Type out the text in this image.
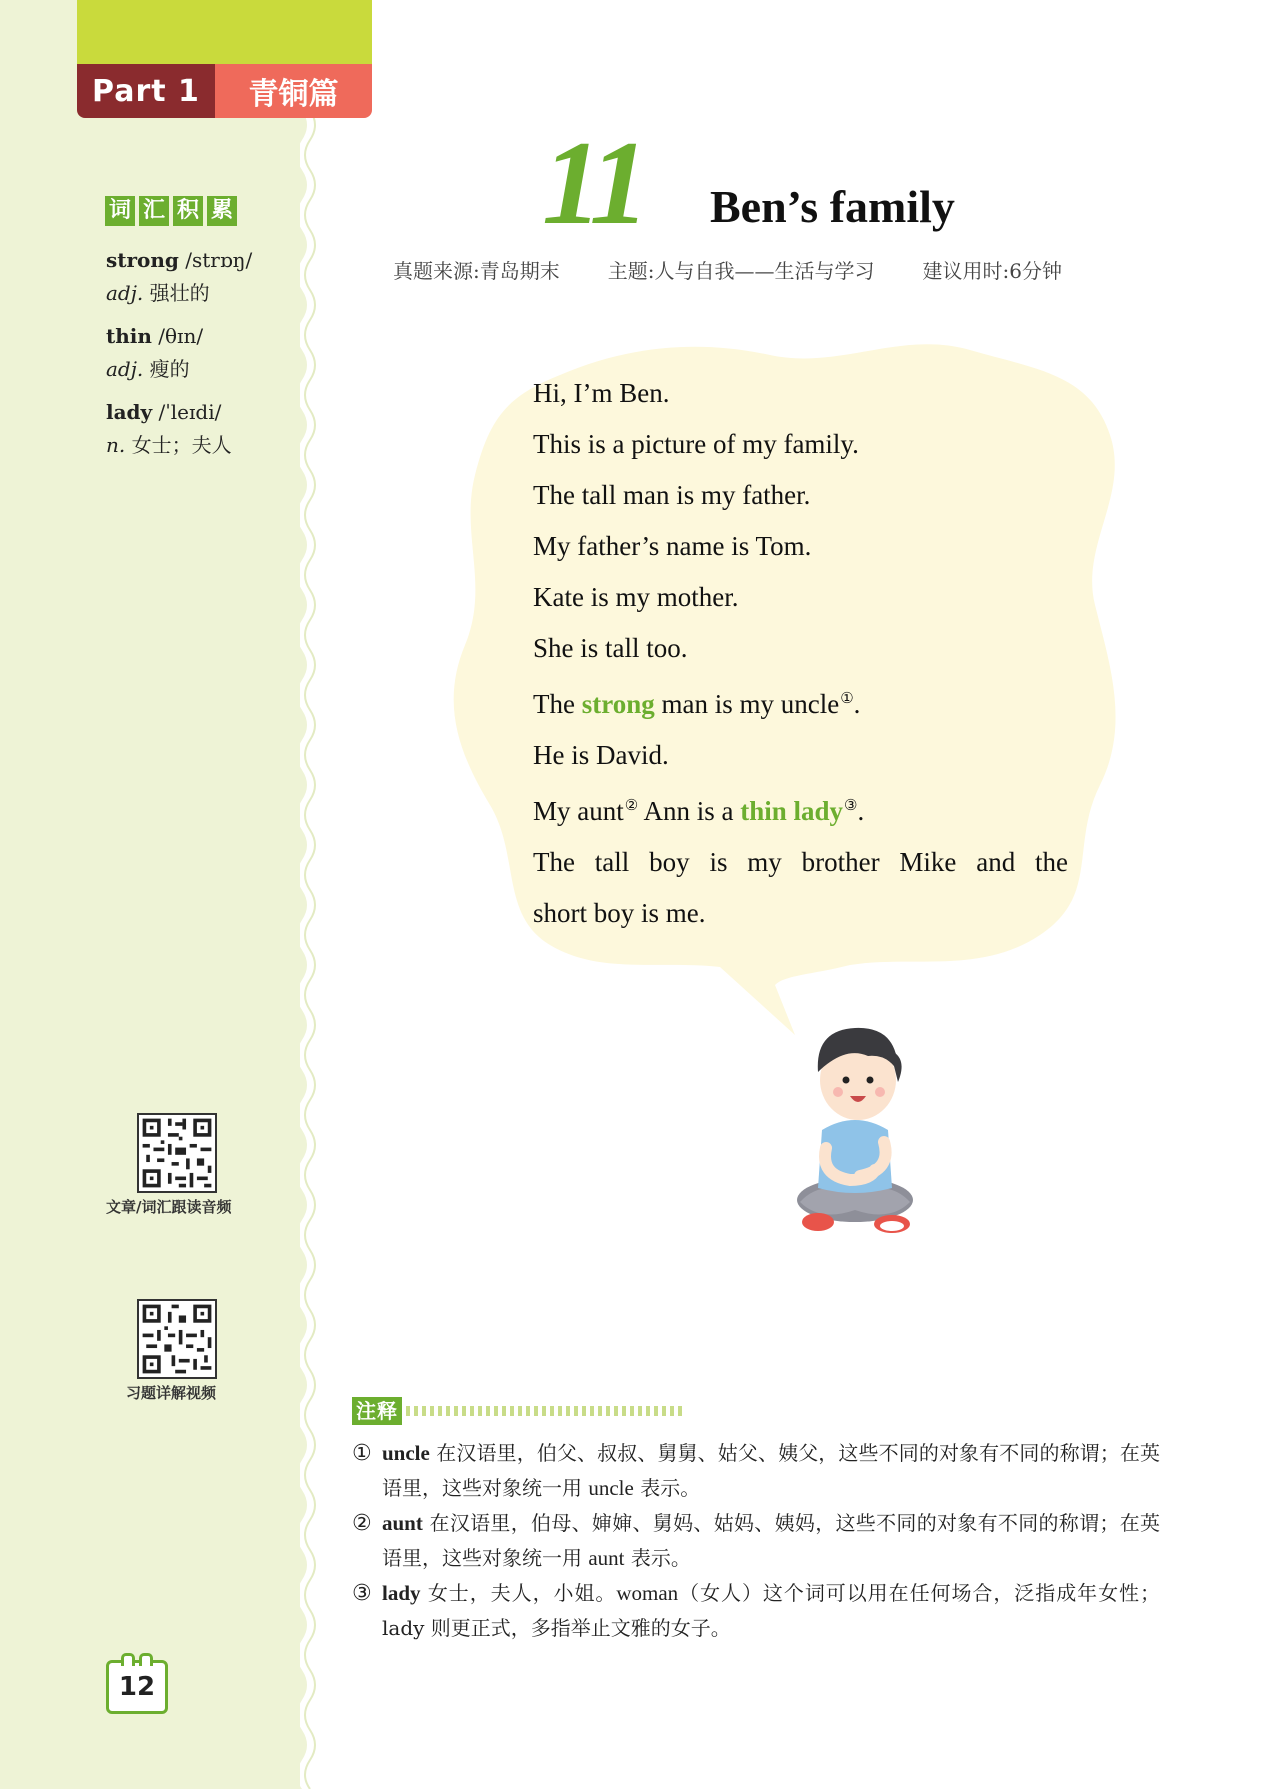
Part 1	青铜篇
词 汇 积 累
strong /strɒŋ/
adj. 强壮的
thin /θɪn/
adj. 瘦的
lady /ˈleɪdi/
n. 女士；夫人
文章/词汇跟读音频
习题详解视频
12
11 Ben’s family
真题来源:青岛期末 主题:人与自我——生活与学习 建议用时:6分钟
Hi, I’m Ben.
This is a picture of my family.
The tall man is my father.
My father’s name is Tom.
Kate is my mother.
She is tall too.
The strong man is my uncle①.
He is David.
My aunt② Ann is a thin lady③.
The tall boy is my brother Mike and the
short boy is me.
注释
① uncle 在汉语里，伯父、叔叔、舅舅、姑父、姨父，这些不同的对象有不同的称谓；在英语里，这些对象统一用 uncle 表示。
② aunt 在汉语里，伯母、婶婶、舅妈、姑妈、姨妈，这些不同的对象有不同的称谓；在英语里，这些对象统一用 aunt 表示。
③ lady 女士，夫人，小姐。woman（女人）这个词可以用在任何场合，泛指成年女性；lady 则更正式，多指举止文雅的女子。
